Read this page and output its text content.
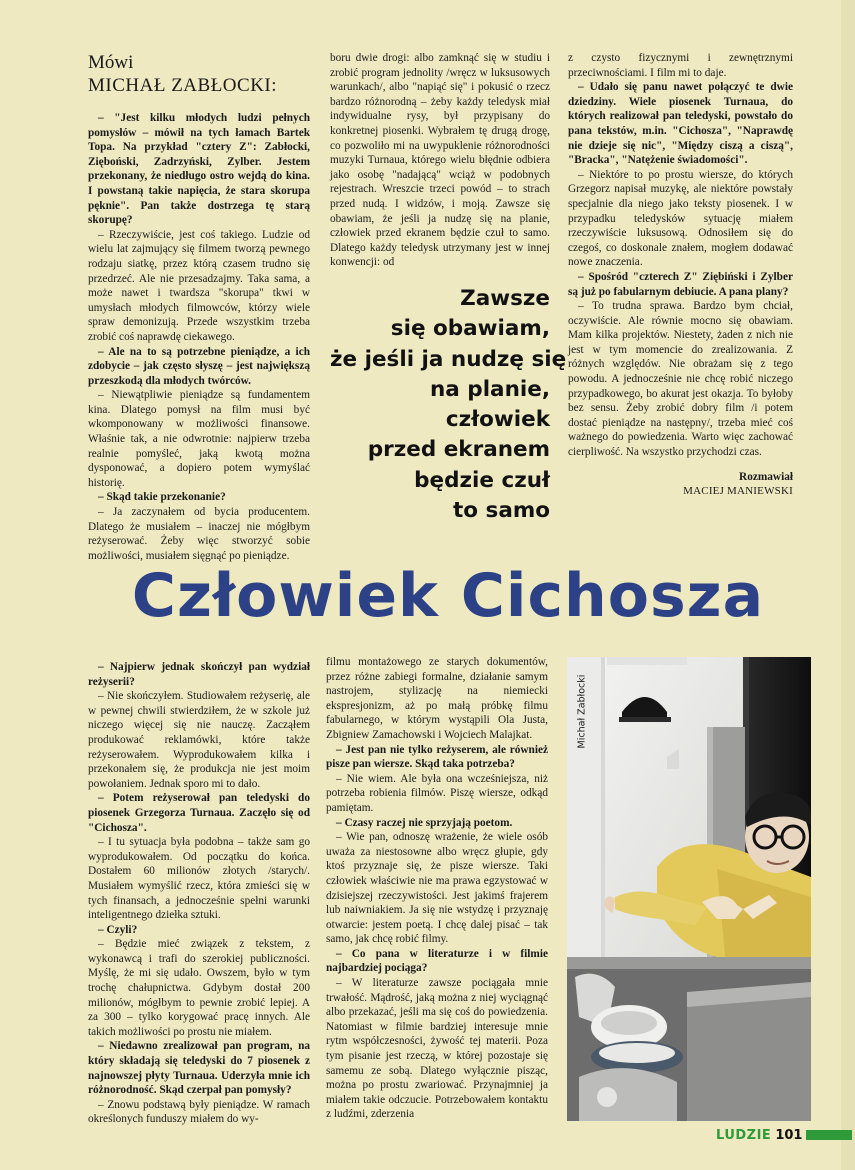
Mówi
MICHAŁ ZABŁOCKI:

– "Jest kilku młodych ludzi pełnych pomysłów – mówił na tych łamach Bartek Topa. Na przykład "cztery Z": Zabłocki, Zięboński, Zadrzyński, Zylber. Jestem przekonany, że niedługo ostro wejdą do kina. I powstaną takie napięcia, że stara skorupa pęknie". Pan także dostrzega tę starą skorupę?

– Rzeczywiście, jest coś takiego. Ludzie od wielu lat zajmujący się filmem tworzą pewnego rodzaju siatkę, przez którą czasem trudno się przedrzeć. Ale nie przesadzajmy. Taka sama, a może nawet i twardsza "skorupa" tkwi w umysłach młodych filmowców, którzy wiele spraw demonizują. Przede wszystkim trzeba zrobić coś naprawdę ciekawego.

– Ale na to są potrzebne pieniądze, a ich zdobycie – jak często słyszę – jest największą przeszkodą dla młodych twórców.

– Niewątpliwie pieniądze są fundamentem kina. Dlatego pomysł na film musi być wkomponowany w możliwości finansowe. Właśnie tak, a nie odwrotnie: najpierw trzeba realnie pomyśleć, jaką kwotą można dysponować, a dopiero potem wymyślać historię.

– Skąd takie przekonanie?

– Ja zaczynałem od bycia producentem. Dlatego że musiałem – inaczej nie mógłbym reżyserować. Żeby więc stworzyć sobie możliwości, musiałem sięgnąć po pieniądze.

boru dwie drogi: albo zamknąć się w studiu i zrobić program jednolity /wręcz w luksusowych warunkach/, albo "napiąć się" i pokusić o rzecz bardzo różnorodną – żeby każdy teledysk miał indywidualne rysy, był przypisany do konkretnej piosenki. Wybrałem tę drugą drogę, co pozwoliło mi na uwypuklenie różnorodności muzyki Turnaua, którego wielu błędnie odbiera jako osobę "nadającą" wciąż w podobnych rejestrach. Wreszcie trzeci powód – to strach przed nudą. I widzów, i moją. Zawsze się obawiam, że jeśli ja nudzę się na planie, człowiek przed ekranem będzie czuł to samo. Dlatego każdy teledysk utrzymany jest w innej konwencji: od

Zawsze
się obawiam,
że jeśli ja nudzę się
na planie,
człowiek
przed ekranem
będzie czuł
to samo

z czysto fizycznymi i zewnętrznymi przeciwnościami. I film mi to daje.

– Udało się panu nawet połączyć te dwie dziedziny. Wiele piosenek Turnaua, do których realizował pan teledyski, powstało do pana tekstów, m.in. "Cichosza", "Naprawdę nie dzieje się nic", "Między ciszą a ciszą", "Bracka", "Natężenie świadomości".

– Niektóre to po prostu wiersze, do których Grzegorz napisał muzykę, ale niektóre powstały specjalnie dla niego jako teksty piosenek. I w przypadku teledysków sytuację miałem rzeczywiście luksusową. Odnosiłem się do czegoś, co doskonale znałem, mogłem dodawać nowe znaczenia.

– Spośród "czterech Z" Ziębiński i Zylber są już po fabularnym debiucie. A pana plany?

– To trudna sprawa. Bardzo bym chciał, oczywiście. Ale równie mocno się obawiam. Mam kilka projektów. Niestety, żaden z nich nie jest w tym momencie do zrealizowania. Z różnych względów. Nie obrażam się z tego powodu. A jednocześnie nie chcę robić niczego przypadkowego, bo akurat jest okazja. To byłoby bez sensu. Żeby zrobić dobry film /i potem dostać pieniądze na następny/, trzeba mieć coś ważnego do powiedzenia. Warto więc zachować cierpliwość. Na wszystko przychodzi czas.

Rozmawiał

MACIEJ MANIEWSKI

Człowiek Cichosza

– Najpierw jednak skończył pan wydział reżyserii?

– Nie skończyłem. Studiowałem reżyserię, ale w pewnej chwili stwierdziłem, że w szkole już niczego więcej się nie nauczę. Zacząłem produkować reklamówki, które także reżyserowałem. Wyprodukowałem kilka i przekonałem się, że produkcja nie jest moim powołaniem. Jednak sporo mi to dało.

– Potem reżyserował pan teledyski do piosenek Grzegorza Turnaua. Zaczęło się od "Cichosza".

– I tu sytuacja była podobna – także sam go wyprodukowałem. Od początku do końca. Dostałem 60 milionów złotych /starych/. Musiałem wymyślić rzecz, która zmieści się w tych finansach, a jednocześnie spełni warunki inteligentnego dziełka sztuki.

– Czyli?

– Będzie mieć związek z tekstem, z wykonawcą i trafi do szerokiej publiczności. Myślę, że mi się udało. Owszem, było w tym trochę chałupnictwa. Gdybym dostał 200 milionów, mógłbym to pewnie zrobić lepiej. A za 300 – tylko korygować pracę innych. Ale takich możliwości po prostu nie miałem.

– Niedawno zrealizował pan program, na który składają się teledyski do 7 piosenek z najnowszej płyty Turnaua. Uderzyła mnie ich różnorodność. Skąd czerpał pan pomysły?

– Znowu podstawą były pieniądze. W ramach określonych funduszy miałem do wy-

filmu montażowego ze starych dokumentów, przez różne zabiegi formalne, działanie samym nastrojem, stylizację na niemiecki ekspresjonizm, aż po małą próbkę filmu fabularnego, w którym wystąpili Ola Justa, Zbigniew Zamachowski i Wojciech Malajkat.

– Jest pan nie tylko reżyserem, ale również pisze pan wiersze. Skąd taka potrzeba?

– Nie wiem. Ale była ona wcześniejsza, niż potrzeba robienia filmów. Piszę wiersze, odkąd pamiętam.

– Czasy raczej nie sprzyjają poetom.

– Wie pan, odnoszę wrażenie, że wiele osób uważa za niestosowne albo wręcz głupie, gdy ktoś przyznaje się, że pisze wiersze. Taki człowiek właściwie nie ma prawa egzystować w dzisiejszej rzeczywistości. Jest jakimś frajerem lub naiwniakiem. Ja się nie wstydzę i przyznaję otwarcie: jestem poetą. I chcę dalej pisać – tak samo, jak chcę robić filmy.

– Co pana w literaturze i w filmie najbardziej pociąga?

– W literaturze zawsze pociągała mnie trwałość. Mądrość, jaką można z niej wyciągnąć albo przekazać, jeśli ma się coś do powiedzenia. Natomiast w filmie bardziej interesuje mnie rytm współczesności, żywość tej materii. Poza tym pisanie jest rzeczą, w której pozostaje się samemu ze sobą. Dlatego wyłącznie pisząc, można po prostu zwariować. Przynajmniej ja miałem takie odczucie. Potrzebowałem kontaktu z ludźmi, zderzenia

Michał Zabłocki
LUDZIE 101
